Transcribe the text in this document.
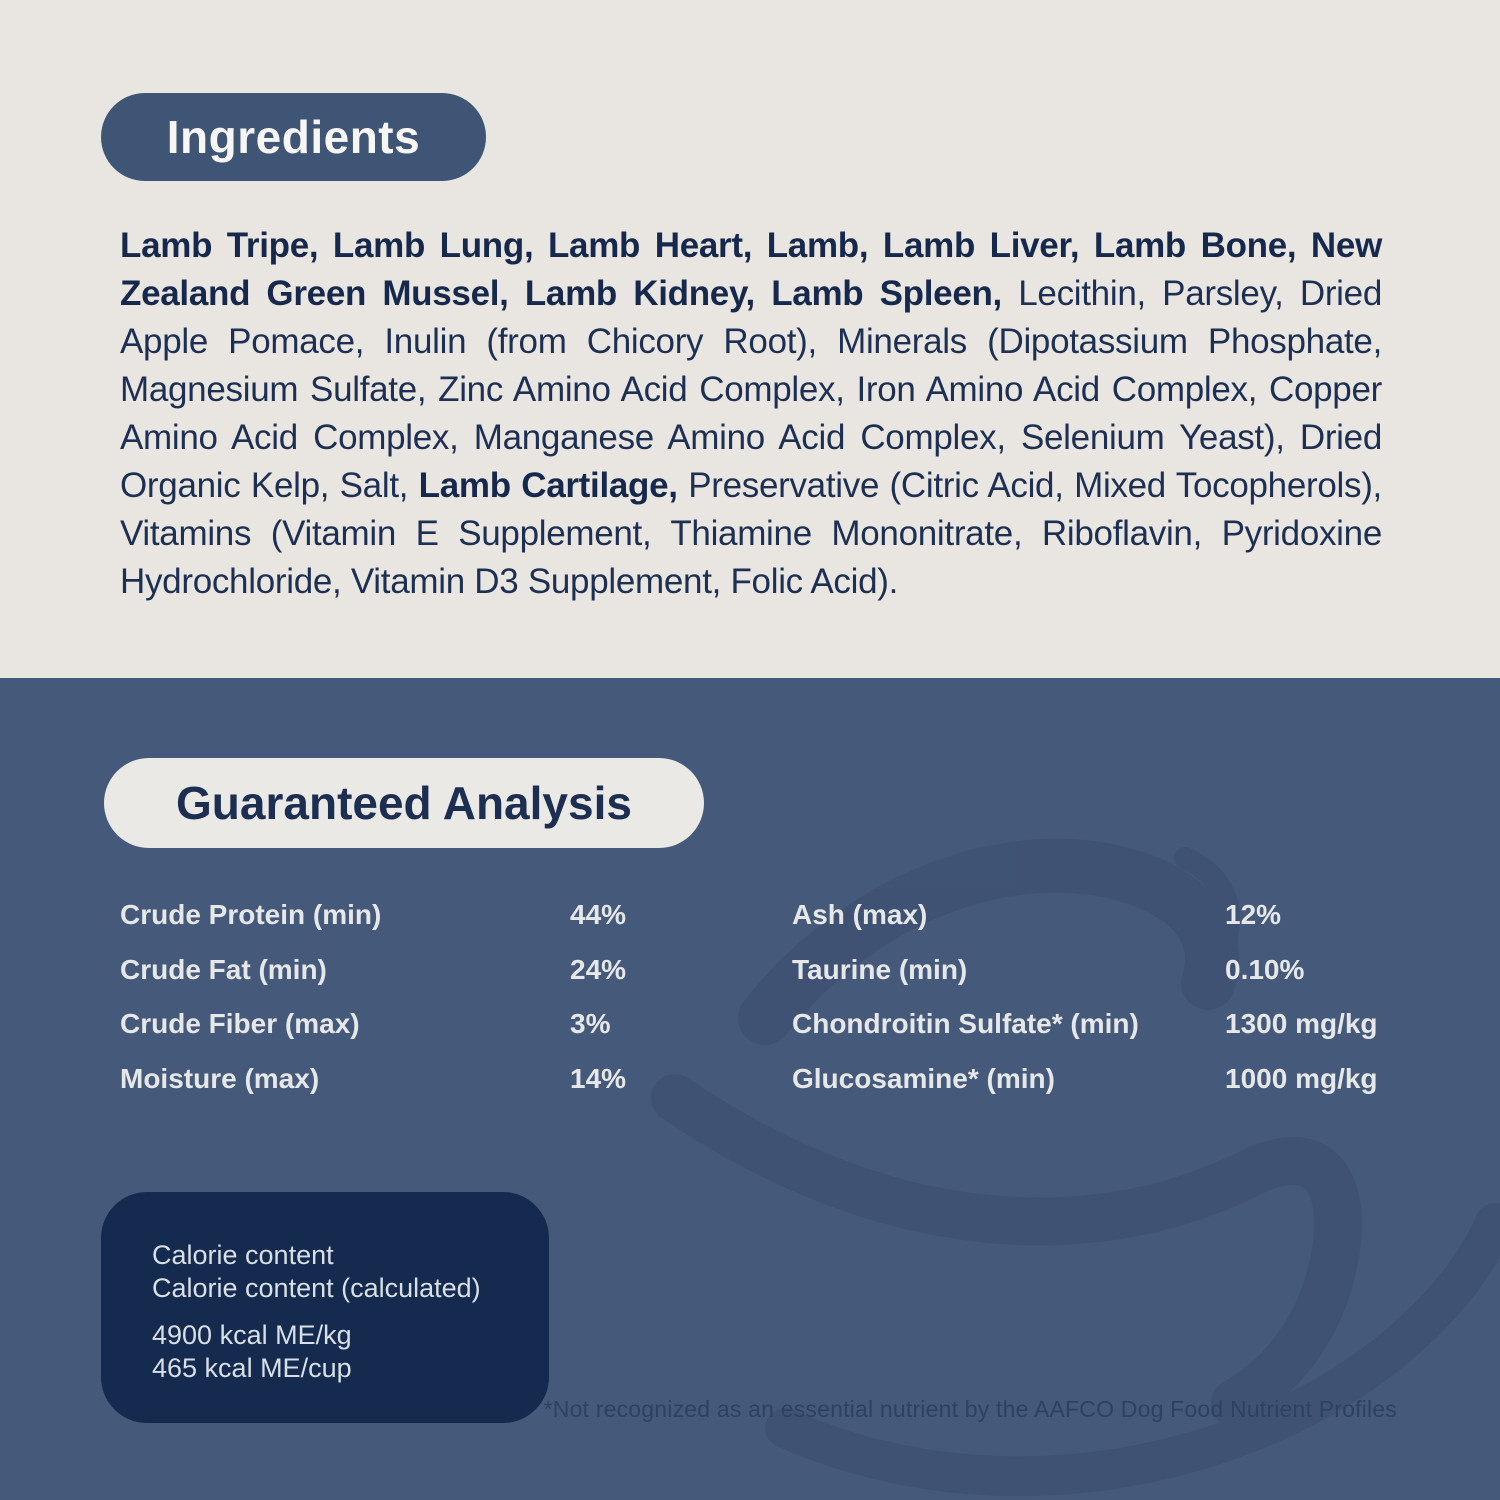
Ingredients

Lamb Tripe, Lamb Lung, Lamb Heart, Lamb, Lamb Liver, Lamb Bone, New Zealand Green Mussel, Lamb Kidney, Lamb Spleen, Lecithin, Parsley, Dried Apple Pomace, Inulin (from Chicory Root), Minerals (Dipotassium Phosphate, Magnesium Sulfate, Zinc Amino Acid Complex, Iron Amino Acid Complex, Copper Amino Acid Complex, Manganese Amino Acid Complex, Selenium Yeast), Dried Organic Kelp, Salt, Lamb Cartilage, Preservative (Citric Acid, Mixed Tocopherols), Vitamins (Vitamin E Supplement, Thiamine Mononitrate, Riboflavin, Pyridoxine Hydrochloride, Vitamin D3 Supplement, Folic Acid).

Guaranteed Analysis
Crude Protein (min)	44%
Crude Fat (min)	24%
Crude Fiber (max)	3%
Moisture (max)	14%
Ash (max)	12%
Taurine (min)	0.10%
Chondroitin Sulfate* (min)	1300 mg/kg
Glucosamine* (min)	1000 mg/kg
Calorie content
Calorie content (calculated)
4900 kcal ME/kg
465 kcal ME/cup
*Not recognized as an essential nutrient by the AAFCO Dog Food Nutrient Profiles
